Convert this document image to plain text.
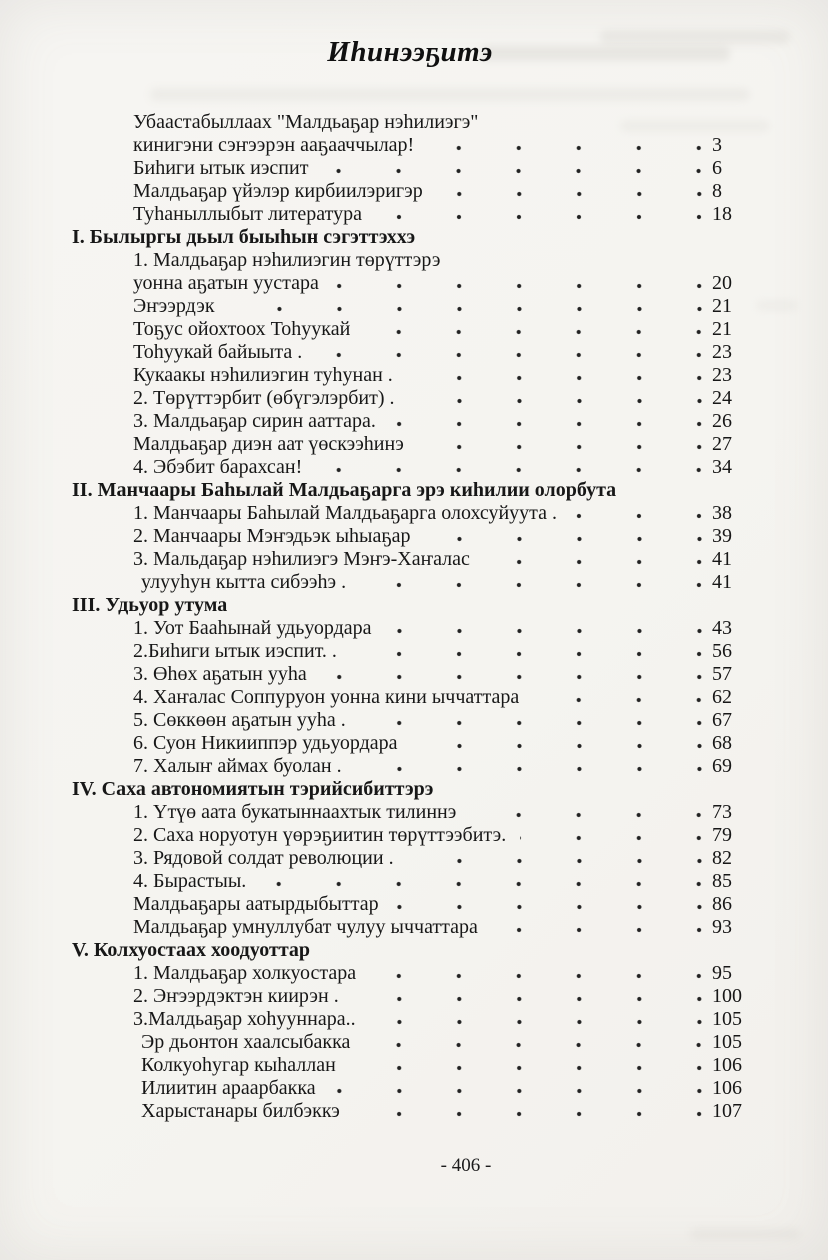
Иһинээҕитэ
Убаастабыллаах "Малдьаҕар нэһилиэгэ"
кинигэни сэҥээрэн ааҕааччылар!	3
Биһиги ытык иэспит	6
Малдьаҕар үйэлэр кирбиилэригэр	8
Туһаныллыбыт литература	18
I. Былыргы дьыл быыһын сэгэттэххэ
1. Малдьаҕар нэһилиэгин төрүттэрэ
уонна аҕатын уустара	20
Эҥээрдэк	21
Тоҕус ойохтоох Тоһуукай	21
Тоһуукай байыыта .	23
Кукаакы нэһилиэгин туһунан .	23
2. Төрүттэрбит (өбүгэлэрбит) .	24
3. Малдьаҕар сирин ааттара.	26
Малдьаҕар диэн аат үөскээһинэ	27
4. Эбэбит барахсан!	34
II. Манчаары Баһылай Малдьаҕарга эрэ киһилии олорбута
1. Манчаары Баһылай Малдьаҕарга олохсуйуута .	38
2. Манчаары Мэҥэдьэк ыһыаҕар	39
3. Мальдаҕар нэһилиэгэ Мэҥэ-Хаҥалас	41
улууһун кытта сибээһэ .	41
III. Удьуор утума
1. Уот Бааһынай удьуордара	43
2.Биһиги ытык иэспит. .	56
3. Өһөх аҕатын ууһа	57
4. Хаҥалас Соппуруон уонна кини ыччаттара	62
5. Сөккөөн аҕатын ууһа .	67
6. Суон Никииппэр удьуордара	68
7. Халыҥ аймах буолан .	69
IV. Саха автономиятын тэрийсибиттэрэ
1. Үтүө аата букатыннаахтык тилиннэ	73
2. Саха норуотун үөрэҕиитин төрүттээбитэ.	79
3. Рядовой солдат революции .	82
4. Бырастыы.	85
Малдьаҕары аатырдыбыттар	86
Малдьаҕар умнуллубат чулуу ыччаттара	93
V. Колхуостаах хоодуоттар
1. Малдьаҕар холкуостара	95
2. Эҥээрдэктэн киирэн .	100
3.Малдьаҕар хоһууннара..	105
Эр дьонтон хаалсыбакка	105
Колкуоһугар кыһаллан	106
Илиитин араарбакка	106
Харыстанары билбэккэ	107
- 406 -
